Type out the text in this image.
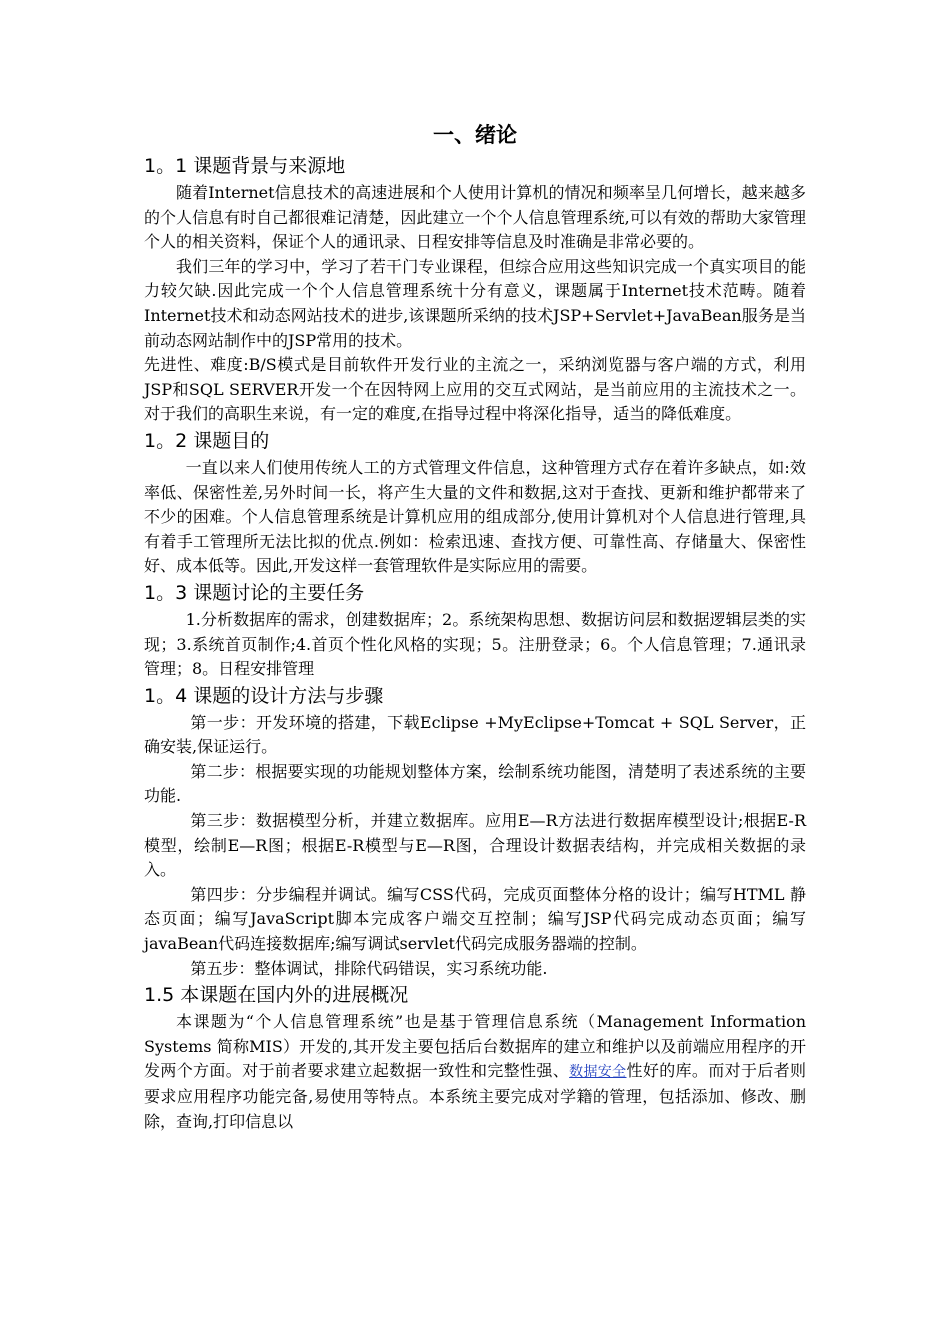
一、绪论
1。1 课题背景与来源地

随着Internet信息技术的高速进展和个人使用计算机的情况和频率呈几何增长，越来越多的个人信息有时自己都很难记清楚，因此建立一个个人信息管理系统,可以有效的帮助大家管理个人的相关资料，保证个人的通讯录、日程安排等信息及时准确是非常必要的。

我们三年的学习中，学习了若干门专业课程，但综合应用这些知识完成一个真实项目的能力较欠缺.因此完成一个个人信息管理系统十分有意义，课题属于Internet技术范畴。随着Internet技术和动态网站技术的进步,该课题所采纳的技术JSP+Servlet+JavaBean服务是当前动态网站制作中的JSP常用的技术。

先进性、难度:B/S模式是目前软件开发行业的主流之一，采纳浏览器与客户端的方式，利用JSP和SQL SERVER开发一个在因特网上应用的交互式网站，是当前应用的主流技术之一。对于我们的高职生来说，有一定的难度,在指导过程中将深化指导，适当的降低难度。

1。2 课题目的

一直以来人们使用传统人工的方式管理文件信息，这种管理方式存在着许多缺点，如:效率低、保密性差,另外时间一长，将产生大量的文件和数据,这对于查找、更新和维护都带来了不少的困难。个人信息管理系统是计算机应用的组成部分,使用计算机对个人信息进行管理,具有着手工管理所无法比拟的优点.例如：检索迅速、查找方便、可靠性高、存储量大、保密性好、成本低等。因此,开发这样一套管理软件是实际应用的需要。

1。3 课题讨论的主要任务

1.分析数据库的需求，创建数据库；2。系统架构思想、数据访问层和数据逻辑层类的实现；3.系统首页制作;4.首页个性化风格的实现；5。注册登录；6。个人信息管理；7.通讯录管理；8。日程安排管理

1。4 课题的设计方法与步骤

第一步：开发环境的搭建，下载Eclipse +MyEclipse+Tomcat + SQL Server，正确安装,保证运行。

第二步：根据要实现的功能规划整体方案，绘制系统功能图，清楚明了表述系统的主要功能.

第三步：数据模型分析，并建立数据库。应用E—R方法进行数据库模型设计;根据E-R模型，绘制E—R图；根据E-R模型与E—R图，合理设计数据表结构，并完成相关数据的录入。

第四步：分步编程并调试。编写CSS代码，完成页面整体分格的设计；编写HTML 静态页面；编写JavaScript脚本完成客户端交互控制；编写JSP代码完成动态页面；编写javaBean代码连接数据库;编写调试servlet代码完成服务器端的控制。

第五步：整体调试，排除代码错误，实习系统功能.

1.5 本课题在国内外的进展概况

本课题为“个人信息管理系统”也是基于管理信息系统（Management Information Systems 简称MIS）开发的,其开发主要包括后台数据库的建立和维护以及前端应用程序的开发两个方面。对于前者要求建立起数据一致性和完整性强、数据安全性好的库。而对于后者则要求应用程序功能完备,易使用等特点。本系统主要完成对学籍的管理，包括添加、修改、删除，查询,打印信息以
